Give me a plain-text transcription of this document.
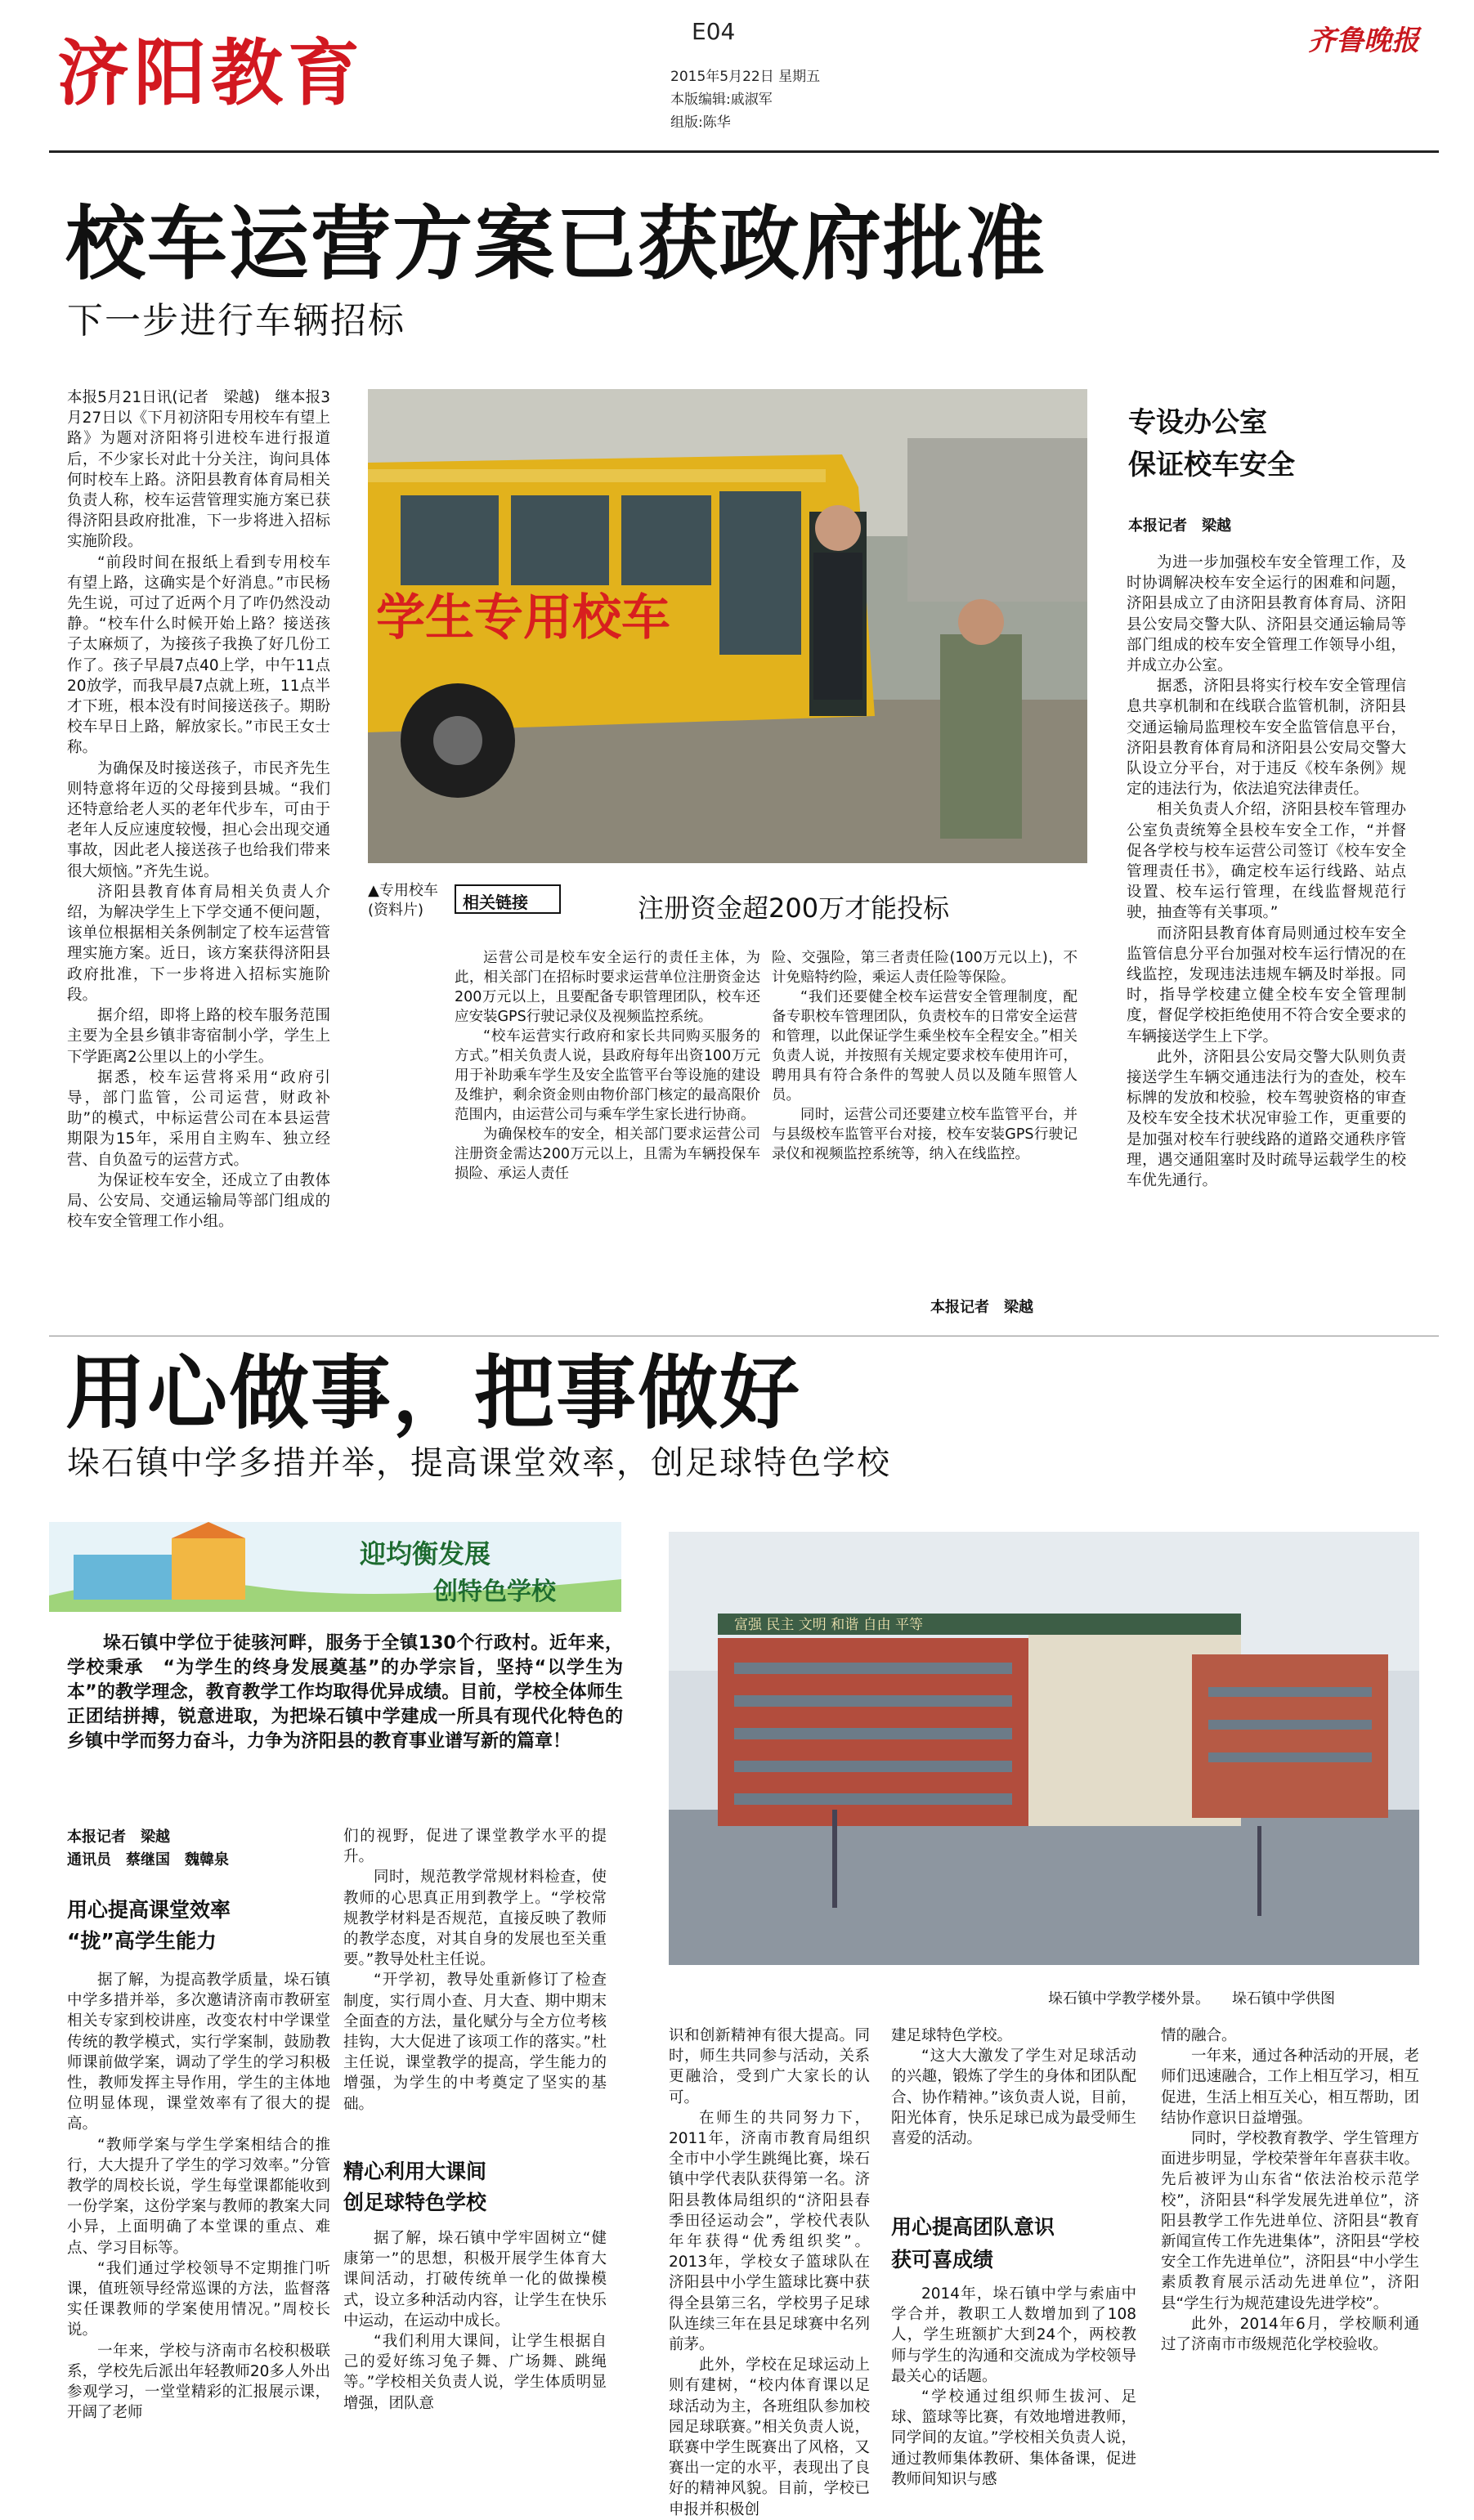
济阳教育	E04
2015年5月22日 星期五
本版编辑:戚淑军
组版:陈华
齐鲁晚报
校车运营方案已获政府批准
下一步进行车辆招标

本报5月21日讯(记者　梁越)　继本报3月27日以《下月初济阳专用校车有望上路》为题对济阳将引进校车进行报道后，不少家长对此十分关注，询问具体何时校车上路。济阳县教育体育局相关负责人称，校车运营管理实施方案已获得济阳县政府批准，下一步将进入招标实施阶段。

“前段时间在报纸上看到专用校车有望上路，这确实是个好消息。”市民杨先生说，可过了近两个月了咋仍然没动静。“校车什么时候开始上路？接送孩子太麻烦了，为接孩子我换了好几份工作了。孩子早晨7点40上学，中午11点20放学，而我早晨7点就上班，11点半才下班，根本没有时间接送孩子。期盼校车早日上路，解放家长。”市民王女士称。

为确保及时接送孩子，市民齐先生则特意将年迈的父母接到县城。“我们还特意给老人买的老年代步车，可由于老年人反应速度较慢，担心会出现交通事故，因此老人接送孩子也给我们带来很大烦恼。”齐先生说。

济阳县教育体育局相关负责人介绍，为解决学生上下学交通不便问题，该单位根据相关条例制定了校车运营管理实施方案。近日，该方案获得济阳县政府批准，下一步将进入招标实施阶段。

据介绍，即将上路的校车服务范围主要为全县乡镇非寄宿制小学，学生上下学距离2公里以上的小学生。

据悉，校车运营将采用“政府引导，部门监管，公司运营，财政补助”的模式，中标运营公司在本县运营期限为15年，采用自主购车、独立经营、自负盈亏的运营方式。

为保证校车安全，还成立了由教体局、公安局、交通运输局等部门组成的校车安全管理工作小组。

学生专用校车
▲专用校车(资料片)	相关链接	注册资金超200万才能投标

运营公司是校车安全运行的责任主体，为此，相关部门在招标时要求运营单位注册资金达200万元以上，且要配备专职管理团队，校车还应安装GPS行驶记录仪及视频监控系统。

“校车运营实行政府和家长共同购买服务的方式。”相关负责人说，县政府每年出资100万元用于补助乘车学生及安全监管平台等设施的建设及维护，剩余资金则由物价部门核定的最高限价范围内，由运营公司与乘车学生家长进行协商。

为确保校车的安全，相关部门要求运营公司注册资金需达200万元以上，且需为车辆投保车损险、承运人责任

险、交强险，第三者责任险(100万元以上)，不计免赔特约险，乘运人责任险等保险。

“我们还要健全校车运营安全管理制度，配备专职校车管理团队，负责校车的日常安全运营和管理，以此保证学生乘坐校车全程安全。”相关负责人说，并按照有关规定要求校车使用许可，聘用具有符合条件的驾驶人员以及随车照管人员。

同时，运营公司还要建立校车监管平台，并与县级校车监管平台对接，校车安装GPS行驶记录仪和视频监控系统等，纳入在线监控。

本报记者　梁越
专设办公室
保证校车安全
本报记者　梁越

为进一步加强校车安全管理工作，及时协调解决校车安全运行的困难和问题，济阳县成立了由济阳县教育体育局、济阳县公安局交警大队、济阳县交通运输局等部门组成的校车安全管理工作领导小组，并成立办公室。

据悉，济阳县将实行校车安全管理信息共享机制和在线联合监管机制，济阳县交通运输局监理校车安全监管信息平台，济阳县教育体育局和济阳县公安局交警大队设立分平台，对于违反《校车条例》规定的违法行为，依法追究法律责任。

相关负责人介绍，济阳县校车管理办公室负责统筹全县校车安全工作，“并督促各学校与校车运营公司签订《校车安全管理责任书》，确定校车运行线路、站点设置、校车运行管理，在线监督规范行驶，抽查等有关事项。”

而济阳县教育体育局则通过校车安全监管信息分平台加强对校车运行情况的在线监控，发现违法违规车辆及时举报。同时，指导学校建立健全校车安全管理制度，督促学校拒绝使用不符合安全要求的车辆接送学生上下学。

此外，济阳县公安局交警大队则负责接送学生车辆交通违法行为的查处，校车标牌的发放和校验，校车驾驶资格的审查及校车安全技术状况审验工作，更重要的是加强对校车行驶线路的道路交通秩序管理，遇交通阻塞时及时疏导运载学生的校车优先通行。

用心做事，把事做好
垛石镇中学多措并举，提高课堂效率，创足球特色学校
迎均衡发展
创特色学校

垛石镇中学位于徒骇河畔，服务于全镇130个行政村。近年来，学校秉承　“为学生的终身发展奠基”的办学宗旨，坚持“以学生为本”的教学理念，教育教学工作均取得优异成绩。目前，学校全体师生正团结拼搏，锐意进取，为把垛石镇中学建成一所具有现代化特色的乡镇中学而努力奋斗，力争为济阳县的教育事业谱写新的篇章！

本报记者　梁越
通讯员　蔡继国　魏韓泉
用心提高课堂效率
“拢”高学生能力

据了解，为提高教学质量，垛石镇中学多措并举，多次邀请济南市教研室相关专家到校讲座，改变农村中学课堂传统的教学模式，实行学案制，鼓励教师课前做学案，调动了学生的学习积极性，教师发挥主导作用，学生的主体地位明显体现，课堂效率有了很大的提高。

“教师学案与学生学案相结合的推行，大大提升了学生的学习效率。”分管教学的周校长说，学生每堂课都能收到一份学案，这份学案与教师的教案大同小异，上面明确了本堂课的重点、难点、学习目标等。

“我们通过学校领导不定期推门听课，值班领导经常巡课的方法，监督落实任课教师的学案使用情况。”周校长说。

一年来，学校与济南市名校积极联系，学校先后派出年轻教师20多人外出参观学习，一堂堂精彩的汇报展示课，开阔了老师

们的视野，促进了课堂教学水平的提升。

同时，规范教学常规材料检查，使教师的心思真正用到教学上。“学校常规教学材料是否规范，直接反映了教师的教学态度，对其自身的发展也至关重要。”教导处杜主任说。

“开学初，教导处重新修订了检查制度，实行周小查、月大查、期中期末全面查的方法，量化赋分与全方位考核挂钩，大大促进了该项工作的落实。”杜主任说，课堂教学的提高，学生能力的增强，为学生的中考奠定了坚实的基础。

精心利用大课间
创足球特色学校

据了解，垛石镇中学牢固树立“健康第一”的思想，积极开展学生体育大课间活动，打破传统单一化的做操模式，设立多种活动内容，让学生在快乐中运动，在运动中成长。

“我们利用大课间，让学生根据自己的爱好练习兔子舞、广场舞、跳绳等。”学校相关负责人说，学生体质明显增强，团队意

富强 民主 文明 和谐 自由 平等
垛石镇中学教学楼外景。　　垛石镇中学供图

识和创新精神有很大提高。同时，师生共同参与活动，关系更融洽，受到广大家长的认可。

在师生的共同努力下，2011年，济南市教育局组织全市中小学生跳绳比赛，垛石镇中学代表队获得第一名。济阳县教体局组织的“济阳县春季田径运动会”，学校代表队年年获得“优秀组织奖”。2013年，学校女子篮球队在济阳县中小学生篮球比赛中获得全县第三名，学校男子足球队连续三年在县足球赛中名列前茅。

此外，学校在足球运动上则有建树，“校内体育课以足球活动为主，各班组队参加校园足球联赛。”相关负责人说，联赛中学生既赛出了风格，又赛出一定的水平，表现出了良好的精神风貌。目前，学校已申报并积极创

建足球特色学校。

“这大大激发了学生对足球活动的兴趣，锻炼了学生的身体和团队配合、协作精神。”该负责人说，目前，阳光体育，快乐足球已成为最受师生喜爱的活动。

用心提高团队意识
获可喜成绩

2014年，垛石镇中学与索庙中学合并，教职工人数增加到了108人，学生班额扩大到24个，两校教师与学生的沟通和交流成为学校领导最关心的话题。

“学校通过组织师生拔河、足球、篮球等比赛，有效地增进教师，同学间的友谊。”学校相关负责人说，通过教师集体教研、集体备课，促进教师间知识与感

情的融合。

一年来，通过各种活动的开展，老师们迅速融合，工作上相互学习，相互促进，生活上相互关心，相互帮助，团结协作意识日益增强。

同时，学校教育教学、学生管理方面进步明显，学校荣誉年年喜获丰收。先后被评为山东省“依法治校示范学校”，济阳县“科学发展先进单位”，济阳县教学工作先进单位、济阳县“教育新闻宣传工作先进集体”，济阳县“学校安全工作先进单位”，济阳县“中小学生素质教育展示活动先进单位”，济阳县“学生行为规范建设先进学校”。

此外，2014年6月，学校顺利通过了济南市市级规范化学校验收。
